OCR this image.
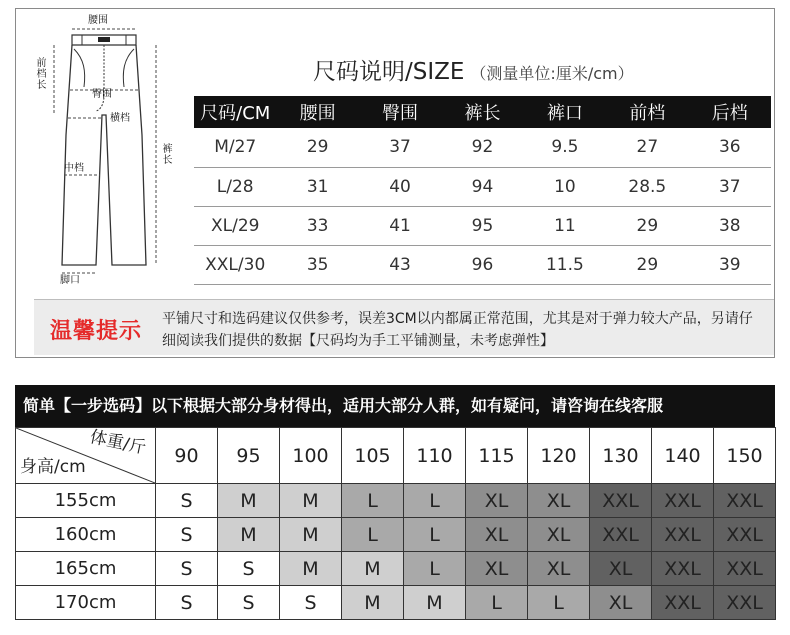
腰围
臀围
横档
前档长
裤长
中档
脚口
尺码说明/SIZE （测量单位:厘米/cm）
尺码/CM	腰围	臀围	裤长	裤口	前档	后档
M/27	29	37	92	9.5	27	36
L/28	31	40	94	10	28.5	37
XL/29	33	41	95	11	29	38
XXL/30	35	43	96	11.5	29	39
温馨提示 平铺尺寸和选码建议仅供参考，误差3CM以内都属正常范围，尤其是对于弹力较大产品，另请仔细阅读我们提供的数据【尺码均为手工平铺测量，未考虑弹性】
简单【一步选码】以下根据大部分身材得出，适用大部分人群，如有疑问，请咨询在线客服
体重/斤
身高/cm	90	95	100	105	110	115	120	130	140	150
155cm	S	M	M	L	L	XL	XL	XXL	XXL	XXL
160cm	S	M	M	L	L	XL	XL	XXL	XXL	XXL
165cm	S	S	M	M	L	XL	XL	XL	XXL	XXL
170cm	S	S	S	M	M	L	L	XL	XXL	XXL
